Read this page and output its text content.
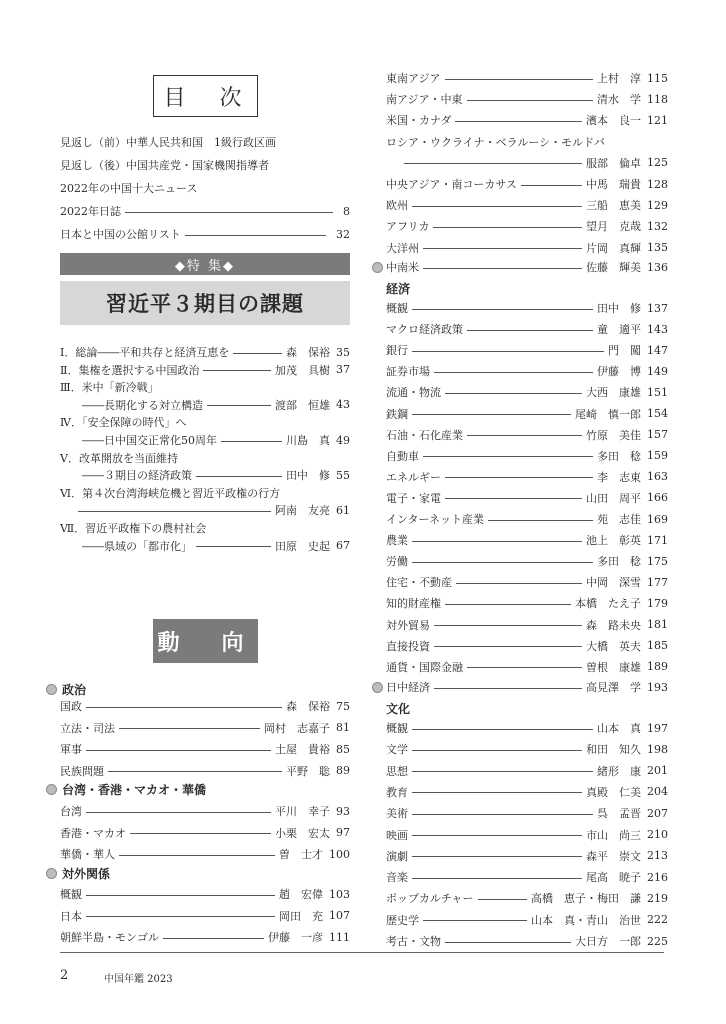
目　次
見返し（前）中華人民共和国　1級行政区画
見返し（後）中国共産党・国家機関指導者
2022年の中国十大ニュース
2022年日誌	8
日本と中国の公館リスト	32
◆特 集◆
習近平３期目の課題
Ⅰ．総論――平和共存と経済互恵を	森　保裕 35
Ⅱ．集権を選択する中国政治	加茂　具樹 37
Ⅲ．米中「新冷戦」
　　――長期化する対立構造	渡部　恒雄 43
Ⅳ．「安全保障の時代」へ
　　――日中国交正常化50周年	川島　真 49
Ⅴ．改革開放を当面維持
　　――３期目の経済政策	田中　修 55
Ⅵ．第４次台湾海峡危機と習近平政権の行方
阿南　友亮 61
Ⅶ．習近平政権下の農村社会
　　――県域の「都市化」	田原　史起 67
動　向
政治
国政	森　保裕 75
立法・司法	岡村　志嘉子 81
軍事	土屋　貴裕 85
民族問題	平野　聡 89
台湾・香港・マカオ・華僑
台湾	平川　幸子 93
香港・マカオ	小栗　宏太 97
華僑・華人	曽　士才 100
対外関係
概観	趙　宏偉 103
日本	岡田　充 107
朝鮮半島・モンゴル	伊藤　一彦 111
東南アジア	上村　淳 115
南アジア・中東	清水　学 118
米国・カナダ	濱本　良一 121
ロシア・ウクライナ・ベラルーシ・モルドバ
服部　倫卓 125
中央アジア・南コーカサス	中馬　瑞貴 128
欧州	三船　恵美 129
アフリカ	望月　克哉 132
大洋州	片岡　真輝 135
中南米	佐藤　輝美 136
経済
概観	田中　修 137
マクロ経済政策	童　適平 143
銀行	門　闖 147
証券市場	伊藤　博 149
流通・物流	大西　康雄 151
鉄鋼	尾崎　慎一郎 154
石油・石化産業	竹原　美佳 157
自動車	多田　稔 159
エネルギー	李　志東 163
電子・家電	山田　周平 166
インターネット産業	苑　志佳 169
農業	池上　彰英 171
労働	多田　稔 175
住宅・不動産	中岡　深雪 177
知的財産権	本橋　たえ子 179
対外貿易	森　路未央 181
直接投資	大橋　英夫 185
通貨・国際金融	曽根　康雄 189
日中経済	高見澤　学 193
文化
概観	山本　真 197
文学	和田　知久 198
思想	緒形　康 201
教育	真殿　仁美 204
美術	呉　孟晋 207
映画	市山　尚三 210
演劇	森平　崇文 213
音楽	尾高　暁子 216
ポップカルチャー	高橋　恵子・梅田　謙 219
歴史学	山本　真・青山　治世 222
考古・文物	大日方　一郎 225
2	中国年鑑 2023
